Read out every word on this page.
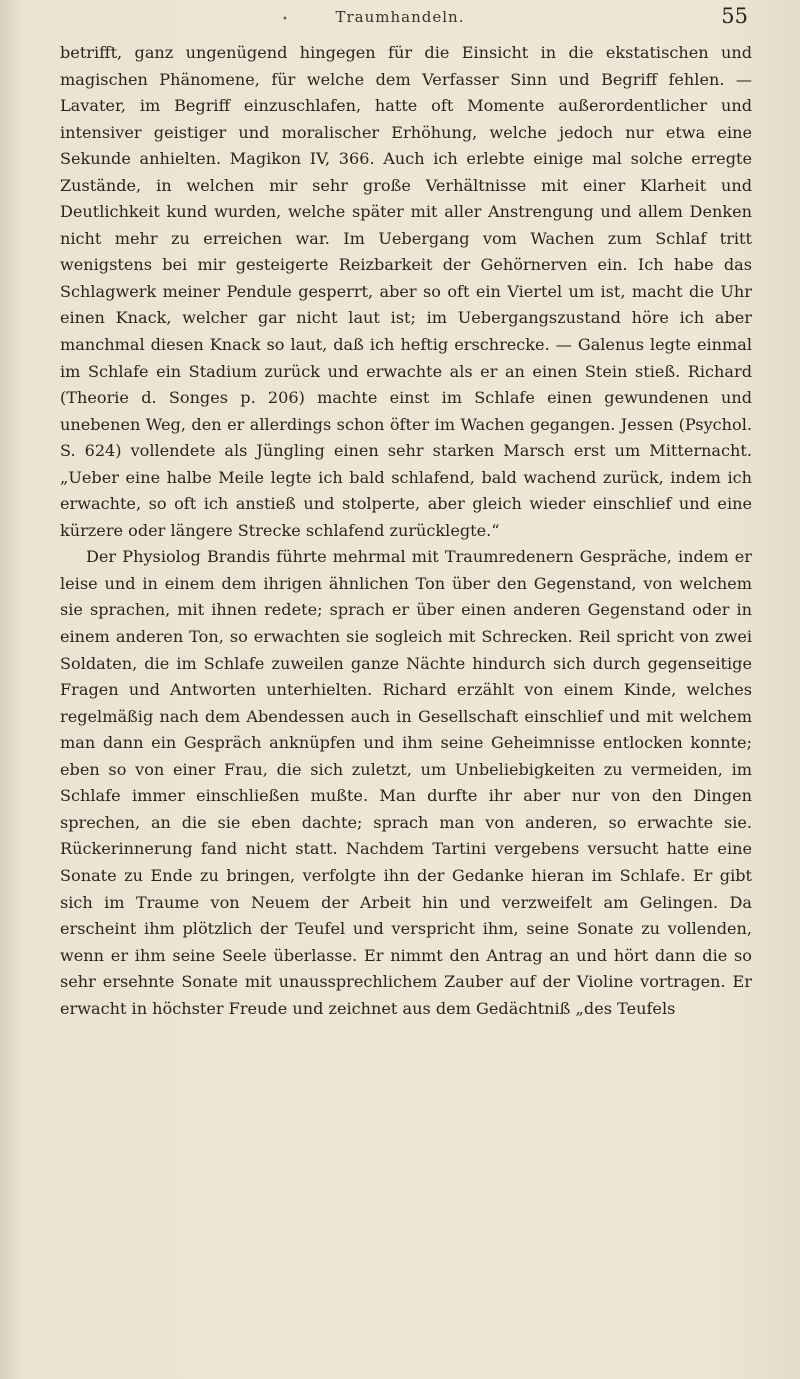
•	Traumhandeln.	55

betrifft, ganz ungenügend hingegen für die Einsicht in die ekstatischen und magischen Phänomene, für welche dem Verfasser Sinn und Begriff fehlen. — Lavater, im Begriff einzuschlafen, hatte oft Momente außerordentlicher und intensiver geistiger und moralischer Erhöhung, welche jedoch nur etwa eine Sekunde anhielten. Magikon IV, 366. Auch ich erlebte einige mal solche erregte Zustände, in welchen mir sehr große Verhältnisse mit einer Klarheit und Deutlichkeit kund wurden, welche später mit aller Anstrengung und allem Denken nicht mehr zu erreichen war. Im Uebergang vom Wachen zum Schlaf tritt wenigstens bei mir gesteigerte Reizbarkeit der Gehörnerven ein. Ich habe das Schlagwerk meiner Pendule gesperrt, aber so oft ein Viertel um ist, macht die Uhr einen Knack, welcher gar nicht laut ist; im Uebergangszustand höre ich aber manchmal diesen Knack so laut, daß ich heftig erschrecke. — Galenus legte einmal im Schlafe ein Stadium zurück und erwachte als er an einen Stein stieß. Richard (Theorie d. Songes p. 206) machte einst im Schlafe einen gewundenen und unebenen Weg, den er allerdings schon öfter im Wachen gegangen. Jessen (Psychol. S. 624) vollendete als Jüngling einen sehr starken Marsch erst um Mitternacht. „Ueber eine halbe Meile legte ich bald schlafend, bald wachend zurück, indem ich erwachte, so oft ich anstieß und stolperte, aber gleich wieder einschlief und eine kürzere oder längere Strecke schlafend zurücklegte.“

Der Physiolog Brandis führte mehrmal mit Traumredenern Gespräche, indem er leise und in einem dem ihrigen ähnlichen Ton über den Gegenstand, von welchem sie sprachen, mit ihnen redete; sprach er über einen anderen Gegenstand oder in einem anderen Ton, so erwachten sie sogleich mit Schrecken. Reil spricht von zwei Soldaten, die im Schlafe zuweilen ganze Nächte hindurch sich durch gegenseitige Fragen und Antworten unterhielten. Richard erzählt von einem Kinde, welches regelmäßig nach dem Abendessen auch in Gesellschaft einschlief und mit welchem man dann ein Gespräch anknüpfen und ihm seine Geheimnisse entlocken konnte; eben so von einer Frau, die sich zuletzt, um Unbeliebigkeiten zu vermeiden, im Schlafe immer einschließen mußte. Man durfte ihr aber nur von den Dingen sprechen, an die sie eben dachte; sprach man von anderen, so erwachte sie. Rückerinnerung fand nicht statt. Nachdem Tartini vergebens versucht hatte eine Sonate zu Ende zu bringen, verfolgte ihn der Gedanke hieran im Schlafe. Er gibt sich im Traume von Neuem der Arbeit hin und verzweifelt am Gelingen. Da erscheint ihm plötzlich der Teufel und verspricht ihm, seine Sonate zu vollenden, wenn er ihm seine Seele überlasse. Er nimmt den Antrag an und hört dann die so sehr ersehnte Sonate mit unaussprechlichem Zauber auf der Violine vortragen. Er erwacht in höchster Freude und zeichnet aus dem Gedächtniß „des Teufels
